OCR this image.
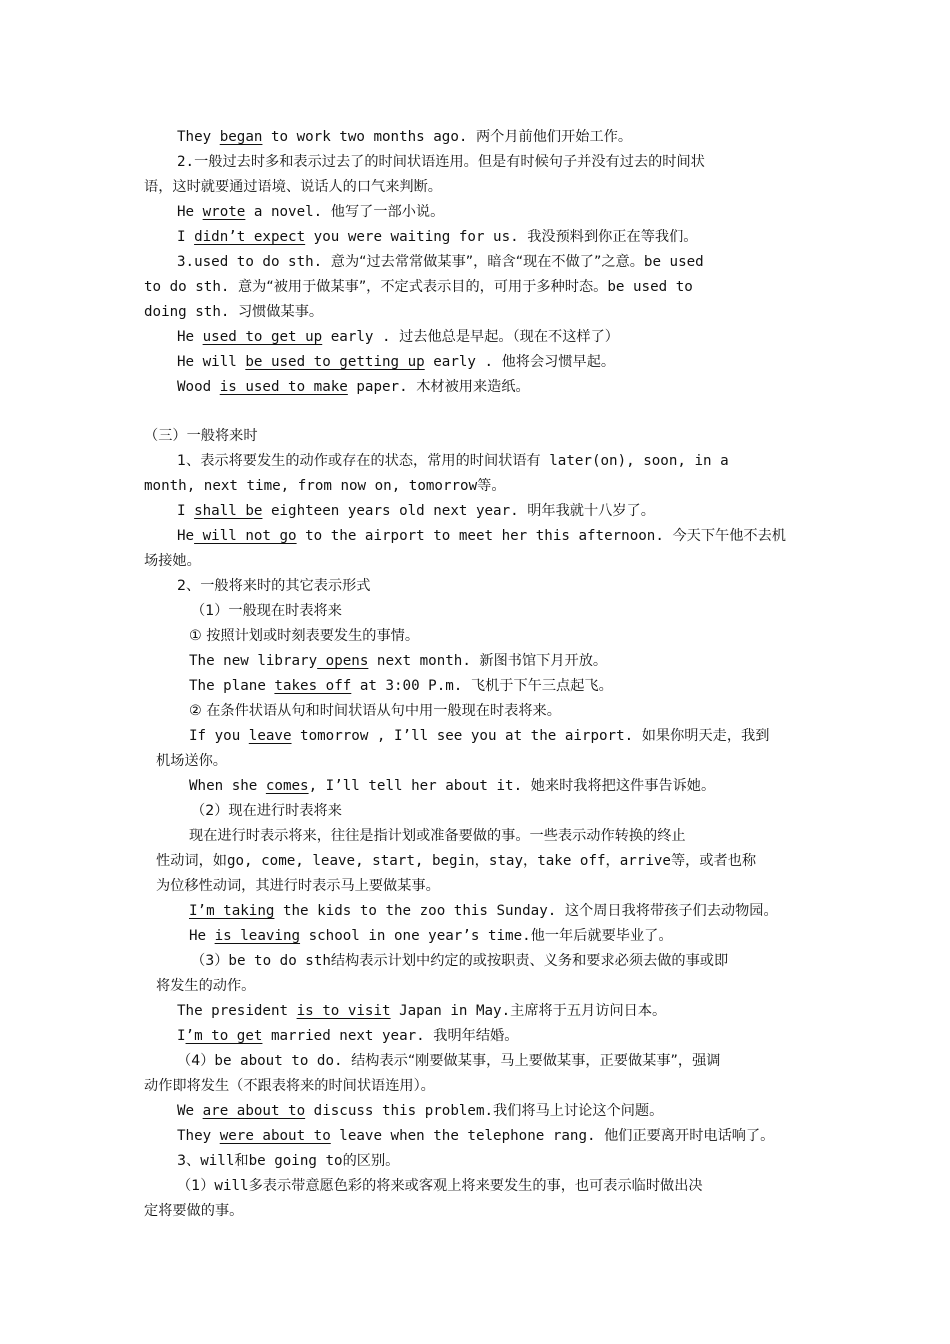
They began to work two months ago. 两个月前他们开始工作。
2.一般过去时多和表示过去了的时间状语连用。但是有时候句子并没有过去的时间状
语，这时就要通过语境、说话人的口气来判断。
He wrote a novel. 他写了一部小说。
I didn’t expect you were waiting for us. 我没预料到你正在等我们。
3.used to do sth. 意为“过去常常做某事”，暗含“现在不做了”之意。be used
to do sth. 意为“被用于做某事”，不定式表示目的，可用于多种时态。be used to
doing sth. 习惯做某事。
He used to get up early . 过去他总是早起。（现在不这样了）
He will be used to getting up early . 他将会习惯早起。
Wood is used to make paper. 木材被用来造纸。
（三）一般将来时
1、表示将要发生的动作或存在的状态，常用的时间状语有 later(on), soon, in a
month, next time, from now on, tomorrow等。
I shall be eighteen years old next year. 明年我就十八岁了。
He will not go to the airport to meet her this afternoon. 今天下午他不去机
场接她。
2、一般将来时的其它表示形式
（1）一般现在时表将来
① 按照计划或时刻表要发生的事情。
The new library opens next month. 新图书馆下月开放。
The plane takes off at 3:00 P.m. 飞机于下午三点起飞。
② 在条件状语从句和时间状语从句中用一般现在时表将来。
If you leave tomorrow , I’ll see you at the airport. 如果你明天走，我到
机场送你。
When she comes, I’ll tell her about it. 她来时我将把这件事告诉她。
（2）现在进行时表将来
现在进行时表示将来，往往是指计划或准备要做的事。一些表示动作转换的终止
性动词，如go, come, leave, start, begin，stay，take off，arrive等，或者也称
为位移性动词，其进行时表示马上要做某事。
I’m taking the kids to the zoo this Sunday. 这个周日我将带孩子们去动物园。
He is leaving school in one year’s time.他一年后就要毕业了。
（3）be to do sth结构表示计划中约定的或按职责、义务和要求必须去做的事或即
将发生的动作。
The president is to visit Japan in May.主席将于五月访问日本。
I’m to get married next year. 我明年结婚。
（4）be about to do. 结构表示“刚要做某事，马上要做某事，正要做某事”，强调
动作即将发生（不跟表将来的时间状语连用）。
We are about to discuss this problem.我们将马上讨论这个问题。
They were about to leave when the telephone rang. 他们正要离开时电话响了。
3、will和be going to的区别。
（1）will多表示带意愿色彩的将来或客观上将来要发生的事，也可表示临时做出决
定将要做的事。
